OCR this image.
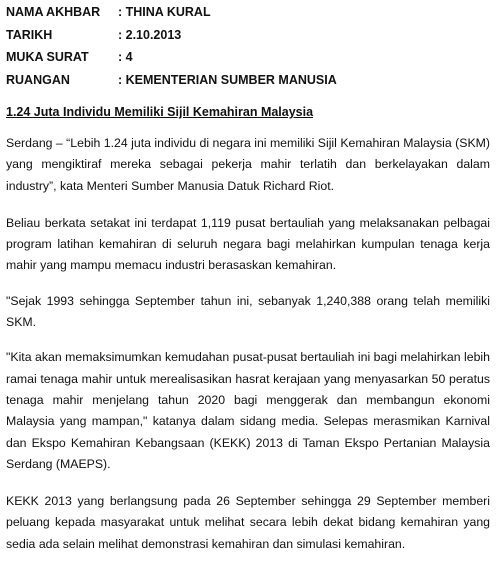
NAMA AKHBAR	: THINA KURAL
TARIKH	: 2.10.2013
MUKA SURAT	: 4
RUANGAN	: KEMENTERIAN SUMBER MANUSIA

1.24 Juta Individu Memiliki Sijil Kemahiran Malaysia

Serdang – “Lebih 1.24 juta individu di negara ini memiliki Sijil Kemahiran Malaysia (SKM) yang mengiktiraf mereka sebagai pekerja mahir terlatih dan berkelayakan dalam industry”, kata Menteri Sumber Manusia Datuk Richard Riot.

Beliau berkata setakat ini terdapat 1,119 pusat bertauliah yang melaksanakan pelbagai program latihan kemahiran di seluruh negara bagi melahirkan kumpulan tenaga kerja mahir yang mampu memacu industri berasaskan kemahiran.

"Sejak 1993 sehingga September tahun ini, sebanyak 1,240,388 orang telah memiliki SKM.

"Kita akan memaksimumkan kemudahan pusat-pusat bertauliah ini bagi melahirkan lebih ramai tenaga mahir untuk merealisasikan hasrat kerajaan yang menyasarkan 50 peratus tenaga mahir menjelang tahun 2020 bagi menggerak dan membangun ekonomi Malaysia yang mampan," katanya dalam sidang media. Selepas merasmikan Karnival dan Ekspo Kemahiran Kebangsaan (KEKK) 2013 di Taman Ekspo Pertanian Malaysia Serdang (MAEPS).

KEKK 2013 yang berlangsung pada 26 September sehingga 29 September memberi peluang kepada masyarakat untuk melihat secara lebih dekat bidang kemahiran yang sedia ada selain melihat demonstrasi kemahiran dan simulasi kemahiran.
